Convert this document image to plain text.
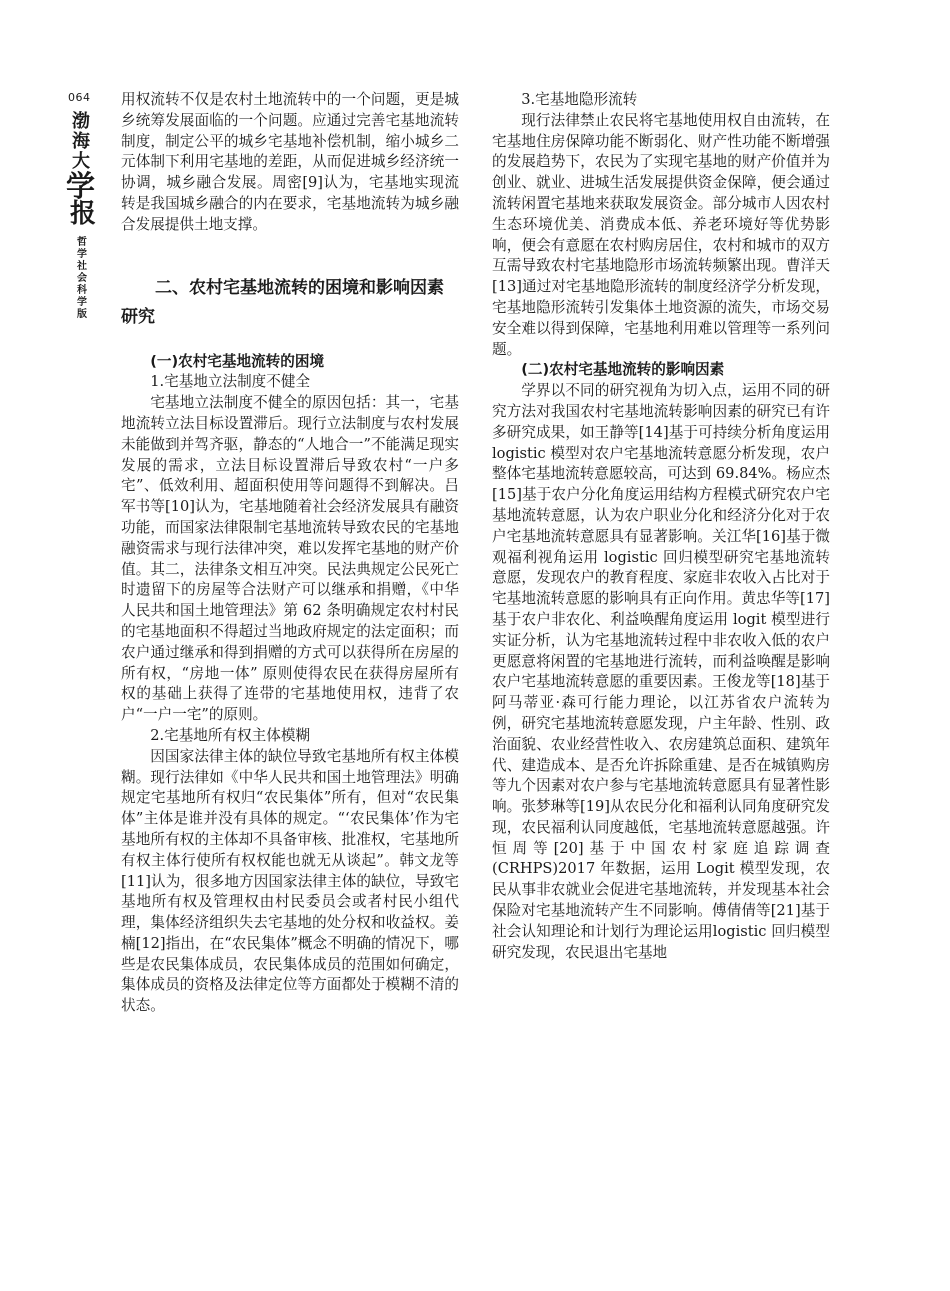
064
渤海大
学
报
哲学社会科学版

用权流转不仅是农村土地流转中的一个问题，更是城乡统筹发展面临的一个问题。应通过完善宅基地流转制度，制定公平的城乡宅基地补偿机制，缩小城乡二元体制下利用宅基地的差距，从而促进城乡经济统一协调，城乡融合发展。周密[9]认为，宅基地实现流转是我国城乡融合的内在要求，宅基地流转为城乡融合发展提供土地支撑。

二、农村宅基地流转的困境和影响因素研究
(一)农村宅基地流转的困境
1.宅基地立法制度不健全

宅基地立法制度不健全的原因包括：其一，宅基地流转立法目标设置滞后。现行立法制度与农村发展未能做到并驾齐驱，静态的“人地合一”不能满足现实发展的需求，立法目标设置滞后导致农村“一户多宅”、低效利用、超面积使用等问题得不到解决。吕军书等[10]认为，宅基地随着社会经济发展具有融资功能，而国家法律限制宅基地流转导致农民的宅基地融资需求与现行法律冲突，难以发挥宅基地的财产价值。其二，法律条文相互冲突。民法典规定公民死亡时遗留下的房屋等合法财产可以继承和捐赠，《中华人民共和国土地管理法》第 62 条明确规定农村村民的宅基地面积不得超过当地政府规定的法定面积；而农户通过继承和得到捐赠的方式可以获得所在房屋的所有权，“房地一体” 原则使得农民在获得房屋所有权的基础上获得了连带的宅基地使用权，违背了农户“一户一宅”的原则。

2.宅基地所有权主体模糊

因国家法律主体的缺位导致宅基地所有权主体模糊。现行法律如《中华人民共和国土地管理法》明确规定宅基地所有权归“农民集体”所有，但对“农民集体”主体是谁并没有具体的规定。“‘农民集体’作为宅基地所有权的主体却不具备审核、批准权，宅基地所有权主体行使所有权权能也就无从谈起”。韩文龙等[11]认为，很多地方因国家法律主体的缺位，导致宅基地所有权及管理权由村民委员会或者村民小组代理，集体经济组织失去宅基地的处分权和收益权。姜楠[12]指出，在“农民集体”概念不明确的情况下，哪些是农民集体成员，农民集体成员的范围如何确定，集体成员的资格及法律定位等方面都处于模糊不清的状态。

3.宅基地隐形流转

现行法律禁止农民将宅基地使用权自由流转，在宅基地住房保障功能不断弱化、财产性功能不断增强的发展趋势下，农民为了实现宅基地的财产价值并为创业、就业、进城生活发展提供资金保障，便会通过流转闲置宅基地来获取发展资金。部分城市人因农村生态环境优美、消费成本低、养老环境好等优势影响，便会有意愿在农村购房居住，农村和城市的双方互需导致农村宅基地隐形市场流转频繁出现。曹洋天[13]通过对宅基地隐形流转的制度经济学分析发现，宅基地隐形流转引发集体土地资源的流失，市场交易安全难以得到保障，宅基地利用难以管理等一系列问题。

(二)农村宅基地流转的影响因素

学界以不同的研究视角为切入点，运用不同的研究方法对我国农村宅基地流转影响因素的研究已有许多研究成果，如王静等[14]基于可持续分析角度运用 logistic 模型对农户宅基地流转意愿分析发现，农户整体宅基地流转意愿较高，可达到 69.84%。杨应杰[15]基于农户分化角度运用结构方程模式研究农户宅基地流转意愿，认为农户职业分化和经济分化对于农户宅基地流转意愿具有显著影响。关江华[16]基于微观福利视角运用 logistic 回归模型研究宅基地流转意愿，发现农户的教育程度、家庭非农收入占比对于宅基地流转意愿的影响具有正向作用。黄忠华等[17]基于农户非农化、利益唤醒角度运用 logit 模型进行实证分析，认为宅基地流转过程中非农收入低的农户更愿意将闲置的宅基地进行流转，而利益唤醒是影响农户宅基地流转意愿的重要因素。王俊龙等[18]基于阿马蒂亚·森可行能力理论，以江苏省农户流转为例，研究宅基地流转意愿发现，户主年龄、性别、政治面貌、农业经营性收入、农房建筑总面积、建筑年代、建造成本、是否允许拆除重建、是否在城镇购房等九个因素对农户参与宅基地流转意愿具有显著性影响。张梦琳等[19]从农民分化和福利认同角度研究发现，农民福利认同度越低，宅基地流转意愿越强。许恒周等[20]基于中国农村家庭追踪调查(CRHPS)2017 年数据，运用 Logit 模型发现，农民从事非农就业会促进宅基地流转，并发现基本社会保险对宅基地流转产生不同影响。傅倩倩等[21]基于社会认知理论和计划行为理论运用logistic 回归模型研究发现，农民退出宅基地
